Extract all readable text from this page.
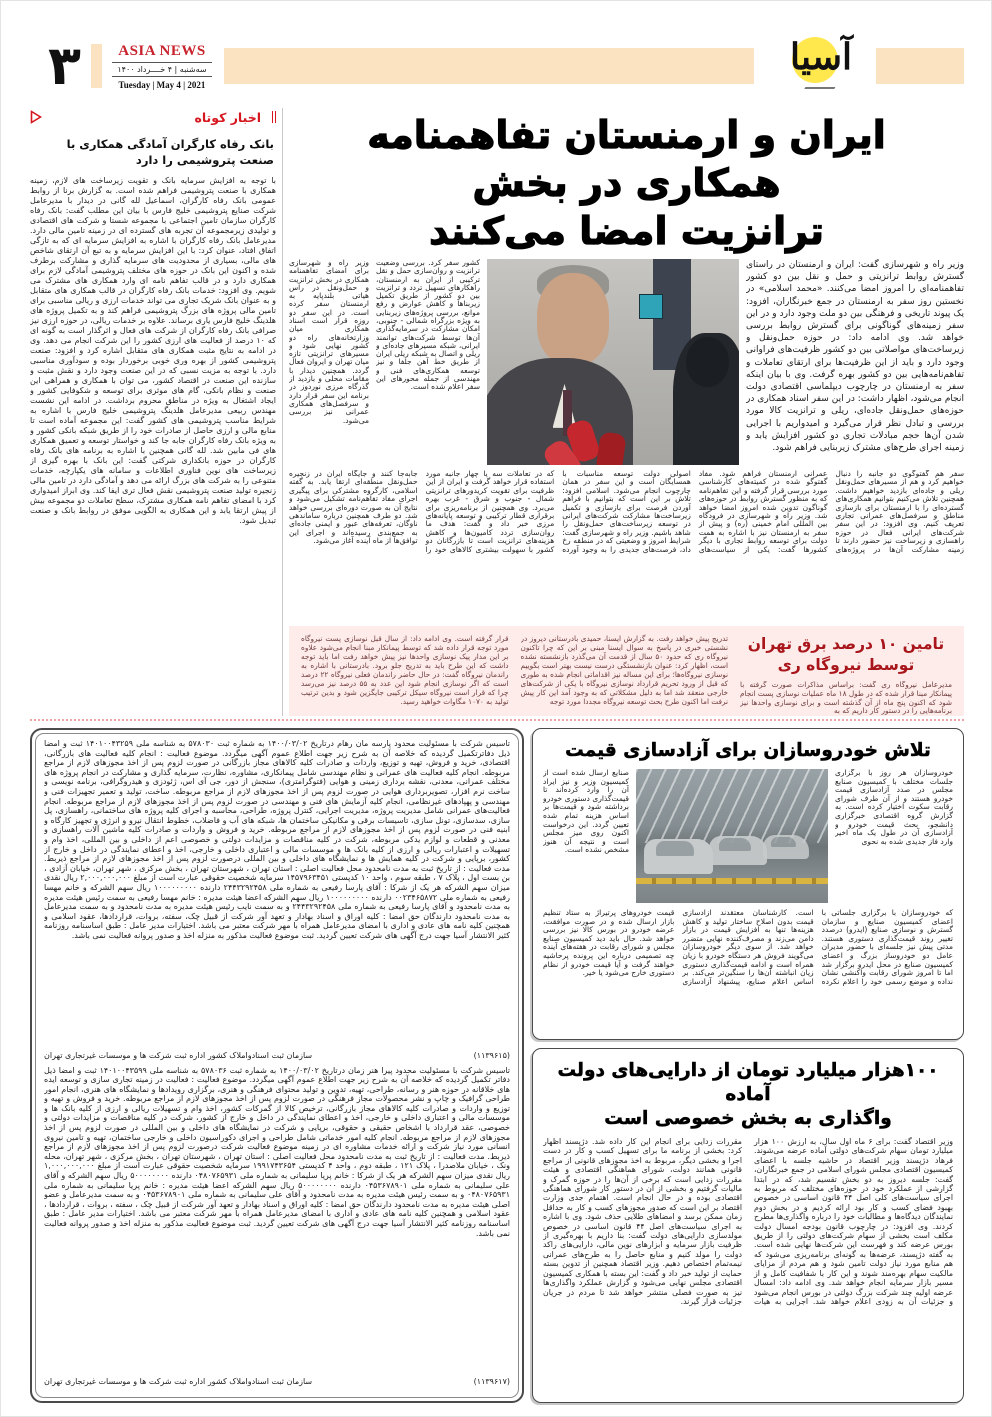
۳	ASIA NEWS
سه‌شنبه | ۴ خــــرداد ۱۴۰۰
Tuesday | May 4 | 2021
آسیا
ایران و ارمنستان تفاهمنامه همکاری در بخش
ترانزیت امضا می‌کنند
وزیر راه و شهرسازی گفت: ایران و ارمنستان در راستای گسترش روابط ترانزیتی و حمل و نقل بین دو کشور تفاهمنامه‌ای را امروز امضا می‌کنند. «محمد اسلامی» در نخستین روز سفر به ارمنستان در جمع خبرنگاران، افزود: یک پیوند تاریخی و فرهنگی بین دو ملت وجود دارد و در این سفر زمینه‌های گوناگونی برای گسترش روابط بررسی خواهد شد. وی ادامه داد: در حوزه حمل‌ونقل و زیرساخت‌های مواصلاتی بین دو کشور ظرفیت‌های فراوانی وجود دارد و باید از این ظرفیت‌ها برای ارتقای تعاملات و تفاهم‌نامه‌هایی بین دو کشور بهره گرفت. وی با بیان اینکه سفر به ارمنستان در چارچوب دیپلماسی اقتصادی دولت انجام می‌شود، اظهار داشت: در این سفر اسناد همکاری در حوزه‌های حمل‌ونقل جاده‌ای، ریلی و ترانزیت کالا مورد بررسی و تبادل نظر قرار می‌گیرد و امیدواریم با اجرایی شدن آن‌ها حجم مبادلات تجاری دو کشور افزایش یابد و زمینه اجرای طرح‌های مشترک زیربنایی فراهم شود.
کشور سفر کرد. بررسی وضعیت ترانزیت و روان‌سازی حمل و نقل ترکیبی از ایران به ارمنستان، راهکارهای تسهیل تردد و ترانزیت بین دو کشور از طریق تکمیل زیربناها و کاهش عوارض و رفع موانع، بررسی پروژه‌های زیربنایی به ویژه بزرگراه شمالی - جنوبی، امکان مشارکت در سرمایه‌گذاری آن‌ها توسط شرکت‌های توانمند ایرانی، شبکه مسیرهای جاده‌ای و ریلی و اتصال به شبکه ریلی ایران از طریق خط آهن جلفا و نیز توسعه همکاری‌های فنی و مهندسی از جمله محورهای این سفر اعلام شده است.
وزیر راه و شهرسازی برای امضای تفاهمنامه همکاری در بخش ترانزیت و حمل‌ونقل در راس هیاتی بلندپایه به ارمنستان سفر کرده است. در این سفر دو روزه قرار است اسناد همکاری میان وزارتخانه‌های راه دو کشور نهایی شود و مسیرهای ترانزیتی تازه میان تهران و ایروان فعال گردد. همچنین دیدار با مقامات محلی و بازدید از گذرگاه مرزی نوردوز در برنامه این سفر قرار دارد و سرفصل‌های همکاری عمرانی نیز بررسی می‌شود.
سفر هم گفتوگوی دو جانبه را دنبال خواهیم کرد و هم از مسیرهای حمل‌ونقل ریلی و جاده‌ای بازدید خواهیم داشت. همچنین تلاش می‌کنیم بتوانیم همکاری‌های گسترده‌ای را با ارمنستان برای بازسازی مناطق و سرفصل‌های عمرانی تجاری تعریف کنیم. وی افزود: در این سفر شرکت‌های ایرانی فعال در حوزه راهسازی و زیرساخت نیز حضور دارند تا زمینه مشارکت آن‌ها در پروژه‌های عمرانی ارمنستان فراهم شود. مفاد گفتوگو شده در کمیته‌های کارشناسی مورد بررسی قرار گرفته و این تفاهم‌نامه که به منظور گسترش روابط در حوزه‌های گوناگون تدوین شده امروز امضا خواهد شد. وزیر راه و شهرسازی در فرودگاه بین المللی امام خمینی (ره) و پیش از سفر به ارمنستان نیز با اشاره به همت دولت برای توسعه روابط تجاری با دیگر کشورها گفت: یکی از سیاست‌های اصولی دولت توسعه مناسبات با همسایگان است و این سفر در همان چارچوب انجام می‌شود. اسلامی افزود: تلاش بر این است که بتوانیم با فراهم آوردن فرصت برای بازسازی و تکمیل زیرساخت‌ها مشارکت شرکت‌های ایرانی در توسعه زیرساخت‌های حمل‌ونقل را شاهد باشیم. وزیر راه و شهرسازی گفت: شرایط امروز و وضعیتی که در منطقه رخ داد، فرصت‌های جدیدی را به وجود آورده که در تعاملات سه یا چهار جانبه مورد استفاده قرار خواهد گرفت و ایران از این ظرفیت برای تقویت کریدورهای ترانزیتی شمال - جنوب و شرق - غرب بهره می‌برد. وی همچنین از برنامه‌ریزی برای برقراری قطار ترکیبی و توسعه پایانه‌های مرزی خبر داد و گفت: هدف ما روان‌سازی تردد کامیون‌ها و کاهش هزینه‌های ترانزیت است تا بازرگانان دو کشور با سهولت بیشتری کالاهای خود را جابه‌جا کنند و جایگاه ایران در زنجیره حمل‌ونقل منطقه‌ای ارتقا یابد. به گفته اسلامی، کارگروه مشترکی برای پیگیری اجرای مفاد تفاهم‌نامه تشکیل می‌شود و نتایج آن به صورت دوره‌ای بررسی خواهد شد. دو طرف همچنین درباره ساماندهی ناوگان، تعرفه‌های عبور و ایمنی جاده‌ای به جمع‌بندی رسیده‌اند و اجرای این توافق‌ها از ماه آینده آغاز می‌شود.
تامین ۱۰ درصد برق تهران
توسط نیروگاه ری
مدیرعامل نیروگاه ری گفت: براساس مذاکرات صورت گرفته با پیمانکار مبنا قرار شده که در طول ۱۸ ماه عملیات نوسازی پست انجام شود که اکنون پنج ماه از آن گذشته است و برای نوسازی واحدها نیز برنامه‌هایی را در دستور کار داریم که به
تدریج پیش خواهد رفت. به گزارش ایسنا، حمیدی بادرستانی دیروز در نشستی خبری در پاسخ به سوال ایسنا مبنی بر این که چرا تاکنون نیروگاه ری که حدود ۵۰ سال از قدمت آن می‌گذرد بازنشسته نشده است، اظهار کرد: عنوان بازنشستگی درست نیست بهتر است بگوییم نوسازی نیروگاه‌ها؛ برای این مساله نیز اقداماتی انجام شده به طوری که قبل از ورود تحریم قرارداد نوسازی نیروگاه با یکی از شرکت‌های خارجی منعقد شد اما به دلیل مشکلاتی که به وجود آمد این کار پیش نرفت اما اکنون طرح بحث توسعه نیروگاه مجددا مورد توجه
قرار گرفته است. وی ادامه داد: از سال قبل نوسازی پست نیروگاه مورد توجه قرار داده شد که توسط پیمانکار مبنا انجام می‌شود علاوه بر این مدار پیک نوسازی واحدها نیز پیش خواهد رفت اما باید توجه داشت که این طرح باید به تدریج جلو برود. بادرستانی با اشاره به راندمان نیروگاه گفت: در حال حاضر راندمان فعلی نیروگاه ۲۲ درصد است که اگر نوسازی انجام شود این عدد به ۵۵ درصد نیز می‌رسد چرا که قرار است نیروگاه سیکل ترکیبی جایگزین شود و بدین ترتیب تولید به ۱۰۷۰ مگاوات خواهید رسید.
اخبار کوتاه
بانک رفاه کارگران آمادگی همکاری با صنعت پتروشیمی را دارد
با توجه به افزایش سرمایه بانک و تقویت زیرساخت های لازم، زمینه همکاری با صنعت پتروشیمی فراهم شده است. به گزارش برنا از روابط عمومی بانک رفاه کارگران، اسماعیل لله گانی در دیدار با مدیرعامل شرکت صنایع پتروشیمی خلیج فارس با بیان این مطلب گفت: بانک رفاه کارگران سازمان تامین اجتماعی با مجموعه شستا و شرکت های اقتصادی و تولیدی زیرمجموعه آن تجربه های گسترده ای در زمینه تامین مالی دارد. مدیرعامل بانک رفاه کارگران با اشاره به افزایش سرمایه ای که به تازگی اتفاق افتاد، عنوان کرد: با این افزایش سرمایه و به تبع آن ارتقای شاخص های مالی، بسیاری از محدودیت های سرمایه گذاری و مشارکت برطرف شده و اکنون این بانک در حوزه های مختلف پتروشیمی آمادگی لازم برای همکاری دارد و در قالب تفاهم نامه ای وارد همکاری های مشترک می شویم. وی افزود: خدمات بانک رفاه کارگران در قالب همکاری های متقابل و به عنوان بانک شریک تجاری می تواند خدمات ارزی و ریالی مناسبی برای تامین مالی پروژه های بزرگ پتروشیمی فراهم کند و به تکمیل پروژه های هلدینگ خلیج فارس یاری برساند. علاوه بر خدمات ریالی، در حوزه ارزی نیز صرافی بانک رفاه کارگران از شرکت های فعال و اثرگذار است به گونه ای که ۱۰ درصد از فعالیت های ارزی کشور را این شرکت انجام می دهد. وی در ادامه به نتایج مثبت همکاری های متقابل اشاره کرد و افزود: صنعت پتروشیمی کشور از بهره وری خوبی برخوردار بوده و سودآوری مناسبی دارد. با توجه به مزیت نسبی که در این صنعت وجود دارد و نقش مثبت و سازنده این صنعت در اقتصاد کشور، می توان با همکاری و همراهی این صنعت و نظام بانکی، گام های موثری برای توسعه و شکوفایی کشور و ایجاد اشتغال به ویژه در مناطق محروم برداشت. در ادامه این نشست مهندس ربیعی مدیرعامل هلدینگ پتروشیمی خلیج فارس با اشاره به شرایط مناسب پتروشیمی های کشور گفت: این مجموعه آماده است تا منابع مالی و ارزی حاصل از صادرات خود را از طریق شبکه بانکی کشور و به ویژه بانک رفاه کارگران جابه جا کند و خواستار توسعه و تعمیق همکاری های فی مابین شد. لله گانی همچنین با اشاره به برنامه های بانک رفاه کارگران در حوزه بانکداری شرکتی گفت: این بانک با بهره گیری از زیرساخت های نوین فناوری اطلاعات و سامانه های یکپارچه، خدمات متنوعی را به شرکت های بزرگ ارائه می دهد و آمادگی دارد در تامین مالی زنجیره تولید صنعت پتروشیمی نقش فعال تری ایفا کند. وی ابراز امیدواری کرد با امضای تفاهم نامه همکاری مشترک، سطح تعاملات دو مجموعه بیش از پیش ارتقا یابد و این همکاری به الگویی موفق در روابط بانک و صنعت تبدیل شود.
تلاش خودروسازان برای آزادسازی قیمت
خودروسازان هر روز با برگزاری جلسات مختلف با کمیسیون صنایع مجلس در صدد آزادسازی قیمت خودرو هستند و از آن طرف شورای رقابت سکوت اختیار کرده است. به گزارش گروه اقتصادی خبرگزاری دانشجو، بحث قیمت خودرو و آزادسازی آن در طول یک ماه اخیر وارد فاز جدیدی شده به نحوی
صنایع ارسال شده است از کمیسیون وزیر و نیز ایراد آن را وارد کرده‌اند تا قیمت‌گذاری دستوری خودرو برداشته شود و قیمت‌ها بر اساس هزینه تمام شده تعیین گردد. این درخواست اکنون روی میز مجلس است و نتیجه آن هنوز مشخص نشده است.
که خودروسازان با برگزاری جلساتی با اعضای کمیسیون صنایع و سازمان گسترش و نوسازی صنایع (ایدرو) درصدد تغییر روند قیمت‌گذاری دستوری هستند. مدتی پیش نیز جلسه‌ای با حضور مدیران عامل دو خودروساز بزرگ و اعضای کمیسیون صنایع در محل ایدرو برگزار شد اما تا امروز شورای رقابت واکنشی نشان نداده و موضع رسمی خود را اعلام نکرده است. کارشناسان معتقدند آزادسازی قیمت بدون اصلاح ساختار تولید و کاهش هزینه‌ها تنها به افزایش قیمت در بازار دامن می‌زند و مصرف‌کننده نهایی متضرر خواهد شد. از سوی دیگر خودروسازان می‌گویند فروش هر دستگاه خودرو با زیان همراه است و ادامه قیمت‌گذاری دستوری زیان انباشته آن‌ها را سنگین‌تر می‌کند. بر اساس اعلام صنایع، پیشنهاد آزادسازی قیمت خودروهای پرتیراژ به ستاد تنظیم بازار ارسال شده و در صورت موافقت، عرضه خودرو در بورس کالا نیز بررسی خواهد شد. حال باید دید کمیسیون صنایع مجلس و شورای رقابت در هفته‌های آینده چه تصمیمی درباره این پرونده پرحاشیه خواهند گرفت و آیا قیمت خودرو از نظام دستوری خارج می‌شود یا خیر.
۱۰۰هزار میلیارد تومان از دارایی‌های دولت آماده
واگذاری به بخش خصوصی است
وزیر اقتصاد گفت: برای ۶ ماه اول سال، به ارزش ۱۰۰ هزار میلیارد تومان سهام شرکت‌های دولتی آماده عرضه می‌شوند. فرهاد دژپسند وزیر اقتصاد در حاشیه جلسه با اعضای کمیسیون اقتصادی مجلس شورای اسلامی در جمع خبرنگاران، گفت: جلسه دیروز به دو بخش تقسیم شد، که در ابتدا گزارشی از عملکرد خود در حوزه‌های مختلف که مربوط به اجرای سیاست‌های کلی اصل ۴۴ قانون اساسی در خصوص بهبود فضای کسب و کار بود ارائه کردیم و در بخش دوم نمایندگان دیدگاه‌ها و مطالبات خود را درباره واگذاری‌ها مطرح کردند. وی افزود: در چارچوب قانون بودجه امسال دولت مکلف است بخشی از سهام شرکت‌های دولتی را از طریق بورس عرضه کند و فهرست این شرکت‌ها نهایی شده است. به گفته دژپسند، عرضه‌ها به گونه‌ای برنامه‌ریزی می‌شود که هم منابع مورد نیاز دولت تامین شود و هم مردم از مزایای مالکیت سهام بهره‌مند شوند و این کار با شفافیت کامل و از مسیر بازار سرمایه انجام خواهد شد. وی ادامه داد: امسال عرضه اولیه چند شرکت بزرگ دولتی در بورس انجام می‌شود و جزئیات آن به زودی اعلام خواهد شد. اجرایی به هیات مقررات زدایی برای انجام این کار داده شد. دژپسند اظهار کرد: بخشی از برنامه ما برای تسهیل کسب و کار در دست اجرا و بخشی دیگر، مربوط به اخذ مجوزهای قانونی از مراجع قانونی همانند دولت، شورای هماهنگی اقتصادی و هیئت مقررات زدایی است که برخی از آن‌ها را در حوزه گمرک و مالیات گرفتیم و بخشی از آن در دستور کار شورای هماهنگی اقتصادی بوده و در حال انجام است. اهتمام جدی وزارت اقتصاد بر این است که صدور مجوزهای کسب و کار به حداقل زمان ممکن برسد و امضاهای طلایی حذف شود. وی با اشاره به اجرای سیاست‌های اصل ۴۴ قانون اساسی در خصوص مولدسازی دارایی‌های دولت گفت: بنا داریم با بهره‌گیری از ظرفیت بازار سرمایه و ابزارهای نوین مالی، دارایی‌های راکد دولت را مولد کنیم و منابع حاصل را به طرح‌های عمرانی نیمه‌تمام اختصاص دهیم. وزیر اقتصاد همچنین از تدوین بسته حمایت از تولید خبر داد و گفت: این بسته با همکاری کمیسیون اقتصادی مجلس نهایی می‌شود و گزارش عملکرد واگذاری‌ها نیز به صورت فصلی منتشر خواهد شد تا مردم در جریان جزئیات قرار گیرند.
تاسیس شرکت با مسئولیت محدود پارسه مان رهام درتاریخ ۱۴۰۰/۰۳/۰۲ به شماره ثبت ۵۷۸۰۳۰ به شناسه ملی ۱۴۰۱۰۰۴۳۲۵۹ ثبت و امضا ذیل دفاترتکمیل گردیده که خلاصه آن به شرح زیر جهت اطلاع عموم آگهی میگردد. موضوع فعالیت : انجام کلیه فعالیت های بازرگانی، اقتصادی، خرید و فروش، تهیه و توزیع، واردات و صادرات کلیه کالاهای مجاز بازرگانی در صورت لزوم پس از اخذ مجوزهای لازم از مراجع مربوطه. انجام کلیه فعالیت های عمرانی و نظام مهندسی شامل پیمانکاری، مشاوره، نظارت، سرمایه گذاری و مشارکت در انجام پروژه های مختلف عمرانی، معدنی، نقشه برداری زمینی و هوایی (فتوگرامتری)، سنجش از دور، جی آی اس، ژئودزی و هیدروگرافی، برنامه نویسی و ساخت نرم افزار، تصویربرداری هوایی در صورت لزوم پس از اخذ مجوزهای لازم از مراجع مربوطه. ساخت، تولید و تعمیر تجهیزات فنی و مهندسی و پهپادهای غیرنظامی، انجام کلیه آزمایش های فنی و مهندسی در صورت لزوم پس از اخذ مجوزهای لازم از مراجع مربوطه. انجام فعالیت‌های عمرانی شامل مدیریت پروژه، مدیریت اجرایی، کنترل پروژه، طراحی، محاسبه و اجرای کلیه پروژه های ساختمانی، راهسازی، پل سازی، سدسازی، تونل سازی، تاسیسات برقی و مکانیکی ساختمان ها، شبکه های آب و فاضلاب، خطوط انتقال نیرو و انرژی و تجهیز کارگاه و ابنیه فنی در صورت لزوم پس از اخذ مجوزهای لازم از مراجع مربوطه. خرید و فروش و واردات و صادرات کلیه ماشین آلات راهسازی و معدنی و قطعات و لوازم یدکی مربوطه، شرکت در کلیه مناقصات و مزایدات دولتی و خصوصی اعم از داخلی و بین المللی، اخذ وام و تسهیلات و اعتبارات ریالی و ارزی از کلیه بانک ها و موسسات مالی و اعتباری داخلی و خارجی، اخذ و اعطای نمایندگی در داخل و خارج از کشور، برپایی و شرکت در کلیه همایش ها و نمایشگاه های داخلی و بین المللی درصورت لزوم پس از اخذ مجوزهای لازم از مراجع ذیربط. مدت فعالیت : از تاریخ ثبت به مدت نامحدود محل فعالیت اصلی : استان تهران ، شهرستان تهران ، بخش مرکزی ، شهر تهران، خیابان آزادی ، بن بست اول ، پلاک ۷ ، طبقه سوم ، واحد ۱۰ کدپستی ۱۴۵۷۹۶۳۴۵۱ سرمایه شخصیت حقوقی عبارت است از مبلغ ۲,۰۰۰,۰۰۰,۰۰۰ ریال نقدی میزان سهم الشرکه هر یک از شرکا : آقای پارسا رفیعی به شماره ملی ۲۴۴۳۲۹۲۴۵۸ دارنده ۱۰۰۰۰۰۰۰۰۰ ریال سهم الشرکه و خانم مهسا رفیعی به شماره ملی ۰۰۲۳۴۶۵۸۷۲ دارنده ۱۰۰۰۰۰۰۰۰۰ ریال سهم الشرکه اعضا هیئت مدیره : خانم مهسا رفیعی به سمت رئیس هیئت مدیره به مدت نامحدود و آقای پارسا رفیعی به شماره ملی ۲۴۴۳۲۹۲۴۵۸ و به سمت نایب رئیس هیئت مدیره به مدت نامحدود و به سمت مدیرعامل به مدت نامحدود دارندگان حق امضا : کلیه اوراق و اسناد بهادار و تعهد آور شرکت از قبیل چک، سفته، بروات، قراردادها، عقود اسلامی و همچنین کلیه نامه های عادی و اداری با امضای مدیرعامل همراه با مهر شرکت معتبر می باشد. اختیارات مدیر عامل : طبق اساسنامه روزنامه کثیر الانتشار آسیا جهت درج آگهی های شرکت تعیین گردید. ثبت موضوع فعالیت مذکور به منزله اخذ و صدور پروانه فعالیت نمی باشد.
(۱۱۳۹۶۱۵)
سازمان ثبت اسنادواملاک کشور اداره ثبت شرکت ها و موسسات غیرتجاری تهران
تاسیس شرکت با مسئولیت محدود پیرا هنر زمان درتاریخ ۱۴۰۰/۰۳/۰۲ به شماره ثبت ۵۷۸۰۳۶ به شناسه ملی ۱۴۰۱۰۰۴۳۵۹۹ ثبت و امضا ذیل دفاتر تکمیل گردیده که خلاصه آن به شرح زیر جهت اطلاع عموم آگهی میگردد. موضوع فعالیت : فعالیت در زمینه تجاری سازی و توسعه ایده های خلاقانه در حوزه هنر و رسانه، طراحی، تهیه، تدوین و تولید محتوای فرهنگی و هنری، برگزاری رویدادها و نمایشگاه های هنری، انجام امور طراحی گرافیک و چاپ و نشر محصولات مجاز فرهنگی در صورت لزوم پس از اخذ مجوزهای لازم از مراجع مربوطه. خرید و فروش و تهیه و توزیع و واردات و صادرات کلیه کالاهای مجاز بازرگانی، ترخیص کالا از گمرکات کشور، اخذ وام و تسهیلات ریالی و ارزی از کلیه بانک ها و موسسات مالی و اعتباری داخلی و خارجی، اخذ و اعطای نمایندگی در داخل و خارج از کشور، شرکت در کلیه مناقصات و مزایدات دولتی و خصوصی، عقد قرارداد با اشخاص حقیقی و حقوقی، برپایی و شرکت در نمایشگاه های داخلی و بین المللی در صورت لزوم پس از اخذ مجوزهای لازم از مراجع مربوطه. انجام کلیه امور خدماتی شامل طراحی و اجرای دکوراسیون داخلی و خارجی ساختمان، تهیه و تامین نیروی انسانی مورد نیاز شرکت و ارائه خدمات مشاوره ای در زمینه موضوع فعالیت شرکت درصورت لزوم پس از اخذ مجوزهای لازم از مراجع ذیربط. مدت فعالیت : از تاریخ ثبت به مدت نامحدود محل فعالیت اصلی : استان تهران ، شهرستان تهران ، بخش مرکزی ، شهر تهران، محله ونک ، خیابان ملاصدرا ، پلاک ۱۲۱ ، طبقه دوم ، واحد ۴ کدپستی ۱۹۹۱۷۴۳۶۵۴ سرمایه شخصیت حقوقی عبارت است از مبلغ ۱,۰۰۰,۰۰۰,۰۰۰ ریال نقدی میزان سهم الشرکه هر یک از شرکا : خانم پریا سلیمانی به شماره ملی ۰۴۸۰۷۶۵۹۳۱ دارنده ۵۰۰۰۰۰۰۰۰ ریال سهم الشرکه و آقای علی سلیمانی به شماره ملی ۰۴۵۳۶۷۸۹۰۱ دارنده ۵۰۰۰۰۰۰۰۰ ریال سهم الشرکه اعضا هیئت مدیره : خانم پریا سلیمانی به شماره ملی ۰۴۸۰۷۶۵۹۳۱ و به سمت رئیس هیئت مدیره به مدت نامحدود و آقای علی سلیمانی به شماره ملی ۰۴۵۳۶۷۸۹۰۱ و به سمت مدیرعامل و عضو اصلی هیئت مدیره به مدت نامحدود دارندگان حق امضا : کلیه اوراق و اسناد بهادار و تعهد آور شرکت از قبیل چک ، سفته ، بروات ، قراردادها ، عقود اسلامی و همچنین کلیه نامه های عادی و اداری با امضای مدیرعامل همراه با مهر شرکت معتبر می باشد. اختیارات مدیر عامل : طبق اساسنامه روزنامه کثیر الانتشار آسیا جهت درج آگهی های شرکت تعیین گردید. ثبت موضوع فعالیت مذکور به منزله اخذ و صدور پروانه فعالیت نمی باشد.
(۱۱۳۹۶۱۷)
سازمان ثبت اسنادواملاک کشور اداره ثبت شرکت ها و موسسات غیرتجاری تهران
